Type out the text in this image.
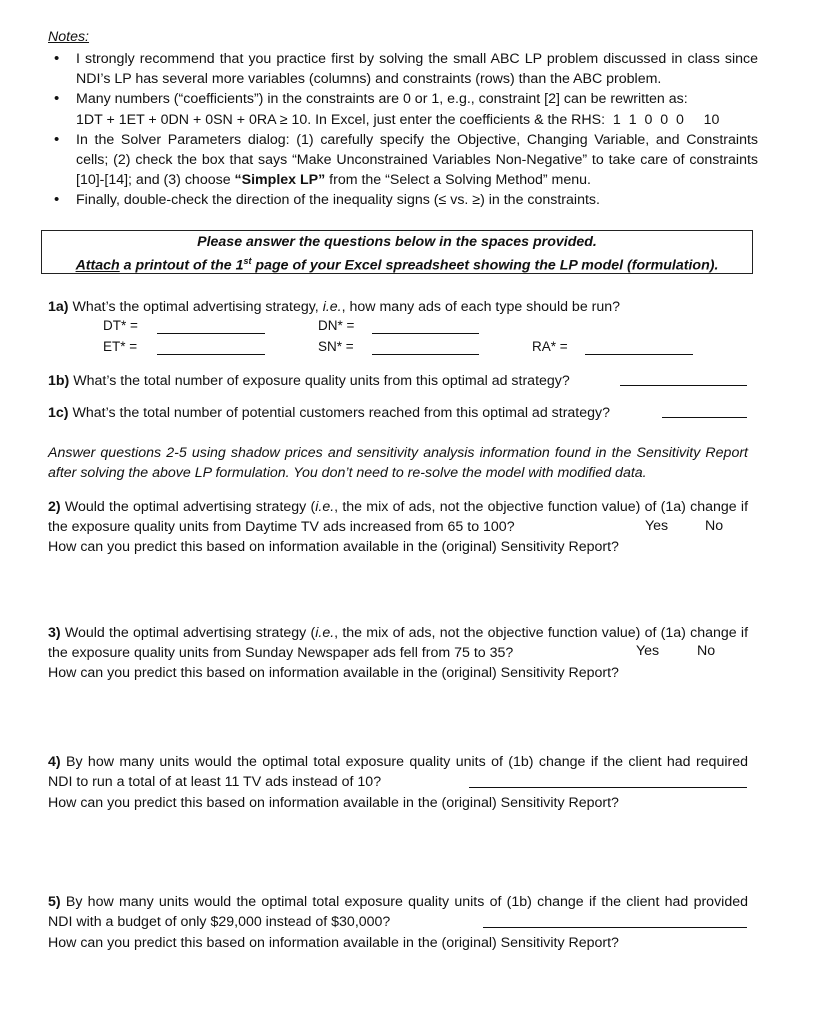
Notes:
• I strongly recommend that you practice first by solving the small ABC LP problem discussed in class since NDI’s LP has several more variables (columns) and constraints (rows) than the ABC problem.
• Many numbers (“coefficients”) in the constraints are 0 or 1, e.g., constraint [2] can be rewritten as:
1DT + 1ET + 0DN + 0SN + 0RA ≥ 10. In Excel, just enter the coefficients & the RHS:  1  1  0  0  0     10
• In the Solver Parameters dialog: (1) carefully specify the Objective, Changing Variable, and Constraints cells; (2) check the box that says “Make Unconstrained Variables Non-Negative” to take care of constraints [10]-[14]; and (3) choose “Simplex LP” from the “Select a Solving Method” menu.
• Finally, double-check the direction of the inequality signs (≤ vs. ≥) in the constraints.
Please answer the questions below in the spaces provided.
Attach a printout of the 1st page of your Excel spreadsheet showing the LP model (formulation).
1a) What’s the optimal advertising strategy, i.e., how many ads of each type should be run?
DT* =	DN* =
ET* =	SN* =	RA* =
1b) What’s the total number of exposure quality units from this optimal ad strategy?
1c) What’s the total number of potential customers reached from this optimal ad strategy?
Answer questions 2-5 using shadow prices and sensitivity analysis information found in the Sensitivity Report after solving the above LP formulation. You don’t need to re-solve the model with modified data.
2) Would the optimal advertising strategy (i.e., the mix of ads, not the objective function value) of (1a) change if the exposure quality units from Daytime TV ads increased from 65 to 100?	Yes	No
How can you predict this based on information available in the (original) Sensitivity Report?
3) Would the optimal advertising strategy (i.e., the mix of ads, not the objective function value) of (1a) change if the exposure quality units from Sunday Newspaper ads fell from 75 to 35?	Yes	No
How can you predict this based on information available in the (original) Sensitivity Report?
4) By how many units would the optimal total exposure quality units of (1b) change if the client had required NDI to run a total of at least 11 TV ads instead of 10?
How can you predict this based on information available in the (original) Sensitivity Report?
5) By how many units would the optimal total exposure quality units of (1b) change if the client had provided NDI with a budget of only $29,000 instead of $30,000?
How can you predict this based on information available in the (original) Sensitivity Report?
